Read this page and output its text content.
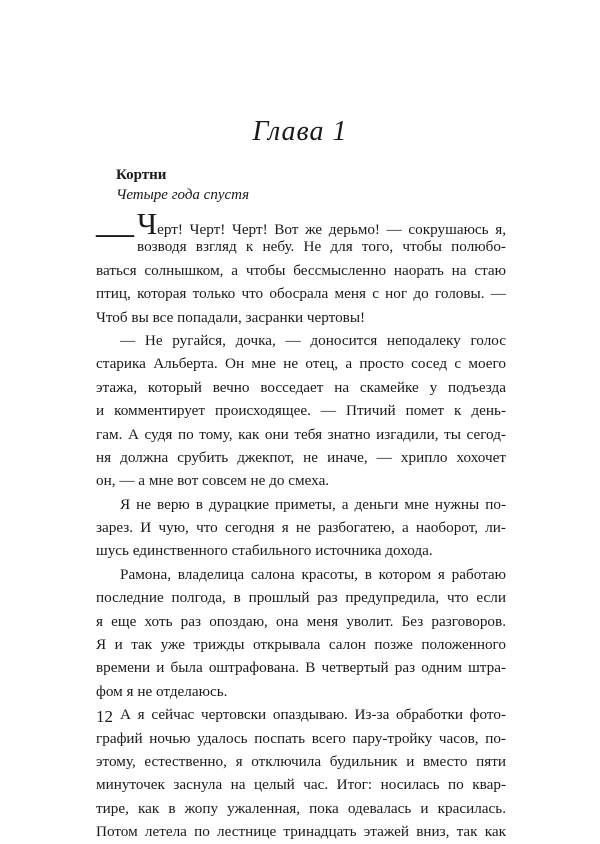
Глава 1
Кортни
Четыре года спустя
— Черт! Черт! Черт! Вот же дерьмо! — сокрушаюсь я,
возводя взгляд к небу. Не для того, чтобы полюбо-
ваться солнышком, а чтобы бессмысленно наорать на стаю
птиц, которая только что обосрала меня с ног до головы. —
Чтоб вы все попадали, засранки чертовы!
— Не ругайся, дочка, — доносится неподалеку голос
старика Альберта. Он мне не отец, а просто сосед с моего
этажа, который вечно восседает на скамейке у подъезда
и комментирует происходящее. — Птичий помет к день-
гам. А судя по тому, как они тебя знатно изгадили, ты сегод-
ня должна срубить джекпот, не иначе, — хрипло хохочет
он, — а мне вот совсем не до смеха.
Я не верю в дурацкие приметы, а деньги мне нужны по-
зарез. И чую, что сегодня я не разбогатею, а наоборот, ли-
шусь единственного стабильного источника дохода.
Рамона, владелица салона красоты, в котором я работаю
последние полгода, в прошлый раз предупредила, что если
я еще хоть раз опоздаю, она меня уволит. Без разговоров.
Я и так уже трижды открывала салон позже положенного
времени и была оштрафована. В четвертый раз одним штра-
фом я не отделаюсь.
А я сейчас чертовски опаздываю. Из-за обработки фото-
графий ночью удалось поспать всего пару-тройку часов, по-
этому, естественно, я отключила будильник и вместо пяти
минуточек заснула на целый час. Итог: носилась по квар-
тире, как в жопу ужаленная, пока одевалась и красилась.
Потом летела по лестнице тринадцать этажей вниз, так как
12
